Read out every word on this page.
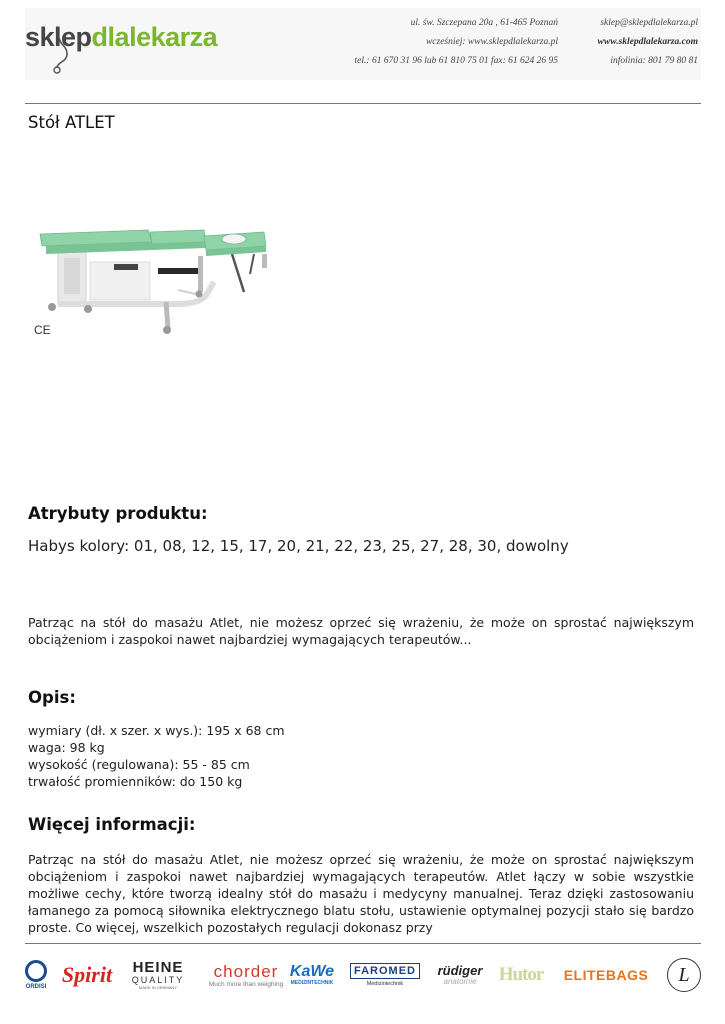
sklepdlalekarza	ul. św. Szczepana 20a , 61-465 Poznań
wcześniej: www.sklepdlalekarza.pl
tel.: 61 670 31 96 lub 61 810 75 01 fax: 61 624 26 95
sklep@sklepdlalekarza.pl
www.sklepdlalekarza.com
infolinia: 801 79 80 81
Stół ATLET
CE
Atrybuty produktu:
Habys kolory: 01, 08, 12, 15, 17, 20, 21, 22, 23, 25, 27, 28, 30, dowolny
Patrząc na stół do masażu Atlet, nie możesz oprzeć się wrażeniu, że może on sprostać największym obciążeniom i zaspokoi nawet najbardziej wymagających terapeutów...
Opis:
wymiary (dł. x szer. x wys.): 195 x 68 cm
waga: 98 kg
wysokość (regulowana): 55 - 85 cm
trwałość promienników: do 150 kg
Więcej informacji:
Patrząc na stół do masażu Atlet, nie możesz oprzeć się wrażeniu, że może on sprostać największym obciążeniom i zaspokoi nawet najbardziej wymagających terapeutów. Atlet łączy w sobie wszystkie możliwe cechy, które tworzą idealny stół do masażu i medycyny manualnej. Teraz dzięki zastosowaniu łamanego za pomocą siłownika elektrycznego blatu stołu, ustawienie optymalnej pozycji stało się bardzo proste. Co więcej, wszelkich pozostałych regulacji dokonasz przy
ORDISI Spirit HEINE
QUALITY
MADE IN GERMANY
chorder
Much more than weighing
KaWe
MEDIZINTECHNIK
FAROMED
Medizintechnik
rüdiger
anatomie Hutor	ELITEBAGS	L
